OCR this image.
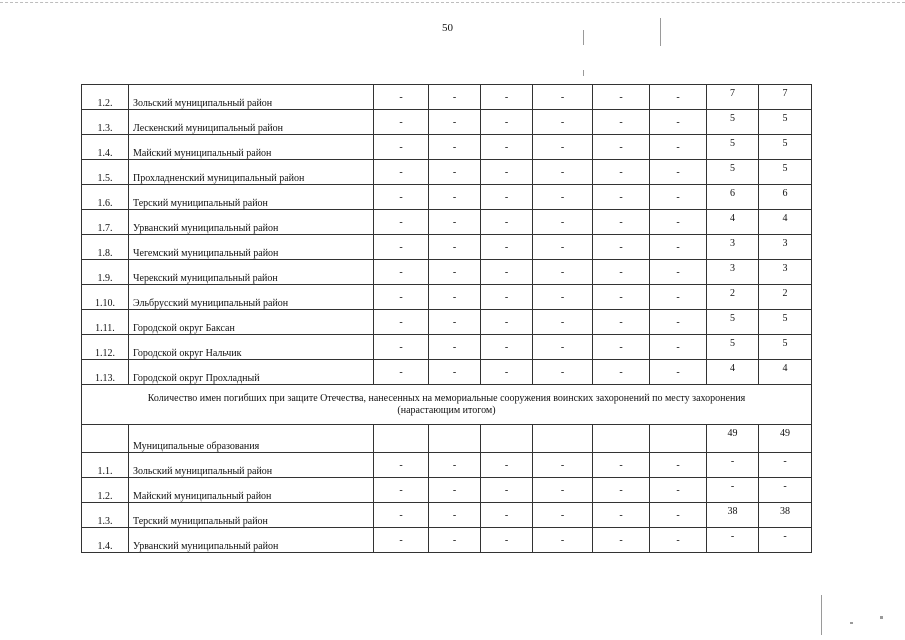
50
1.2.	Зольский муниципальный район	-	-	-	-	-	-	7	7
1.3.	Лескенский муниципальный район	-	-	-	-	-	-	5	5
1.4.	Майский муниципальный район	-	-	-	-	-	-	5	5
1.5.	Прохладненский муниципальный район	-	-	-	-	-	-	5	5
1.6.	Терский муниципальный район	-	-	-	-	-	-	6	6
1.7.	Урванский муниципальный район	-	-	-	-	-	-	4	4
1.8.	Чегемский муниципальный район	-	-	-	-	-	-	3	3
1.9.	Черекский муниципальный район	-	-	-	-	-	-	3	3
1.10.	Эльбрусский муниципальный район	-	-	-	-	-	-	2	2
1.11.	Городской округ Баксан	-	-	-	-	-	-	5	5
1.12.	Городской округ Нальчик	-	-	-	-	-	-	5	5
1.13.	Городской округ Прохладный	-	-	-	-	-	-	4	4
Количество имен погибших при защите Отечества, нанесенных на мемориальные сооружения воинских захоронений по месту захоронения
(нарастающим итогом)									
	Муниципальные образования							49	49
1.1.	Зольский муниципальный район	-	-	-	-	-	-	-	-
1.2.	Майский муниципальный район	-	-	-	-	-	-	-	-
1.3.	Терский муниципальный район	-	-	-	-	-	-	38	38
1.4.	Урванский муниципальный район	-	-	-	-	-	-	-	-
